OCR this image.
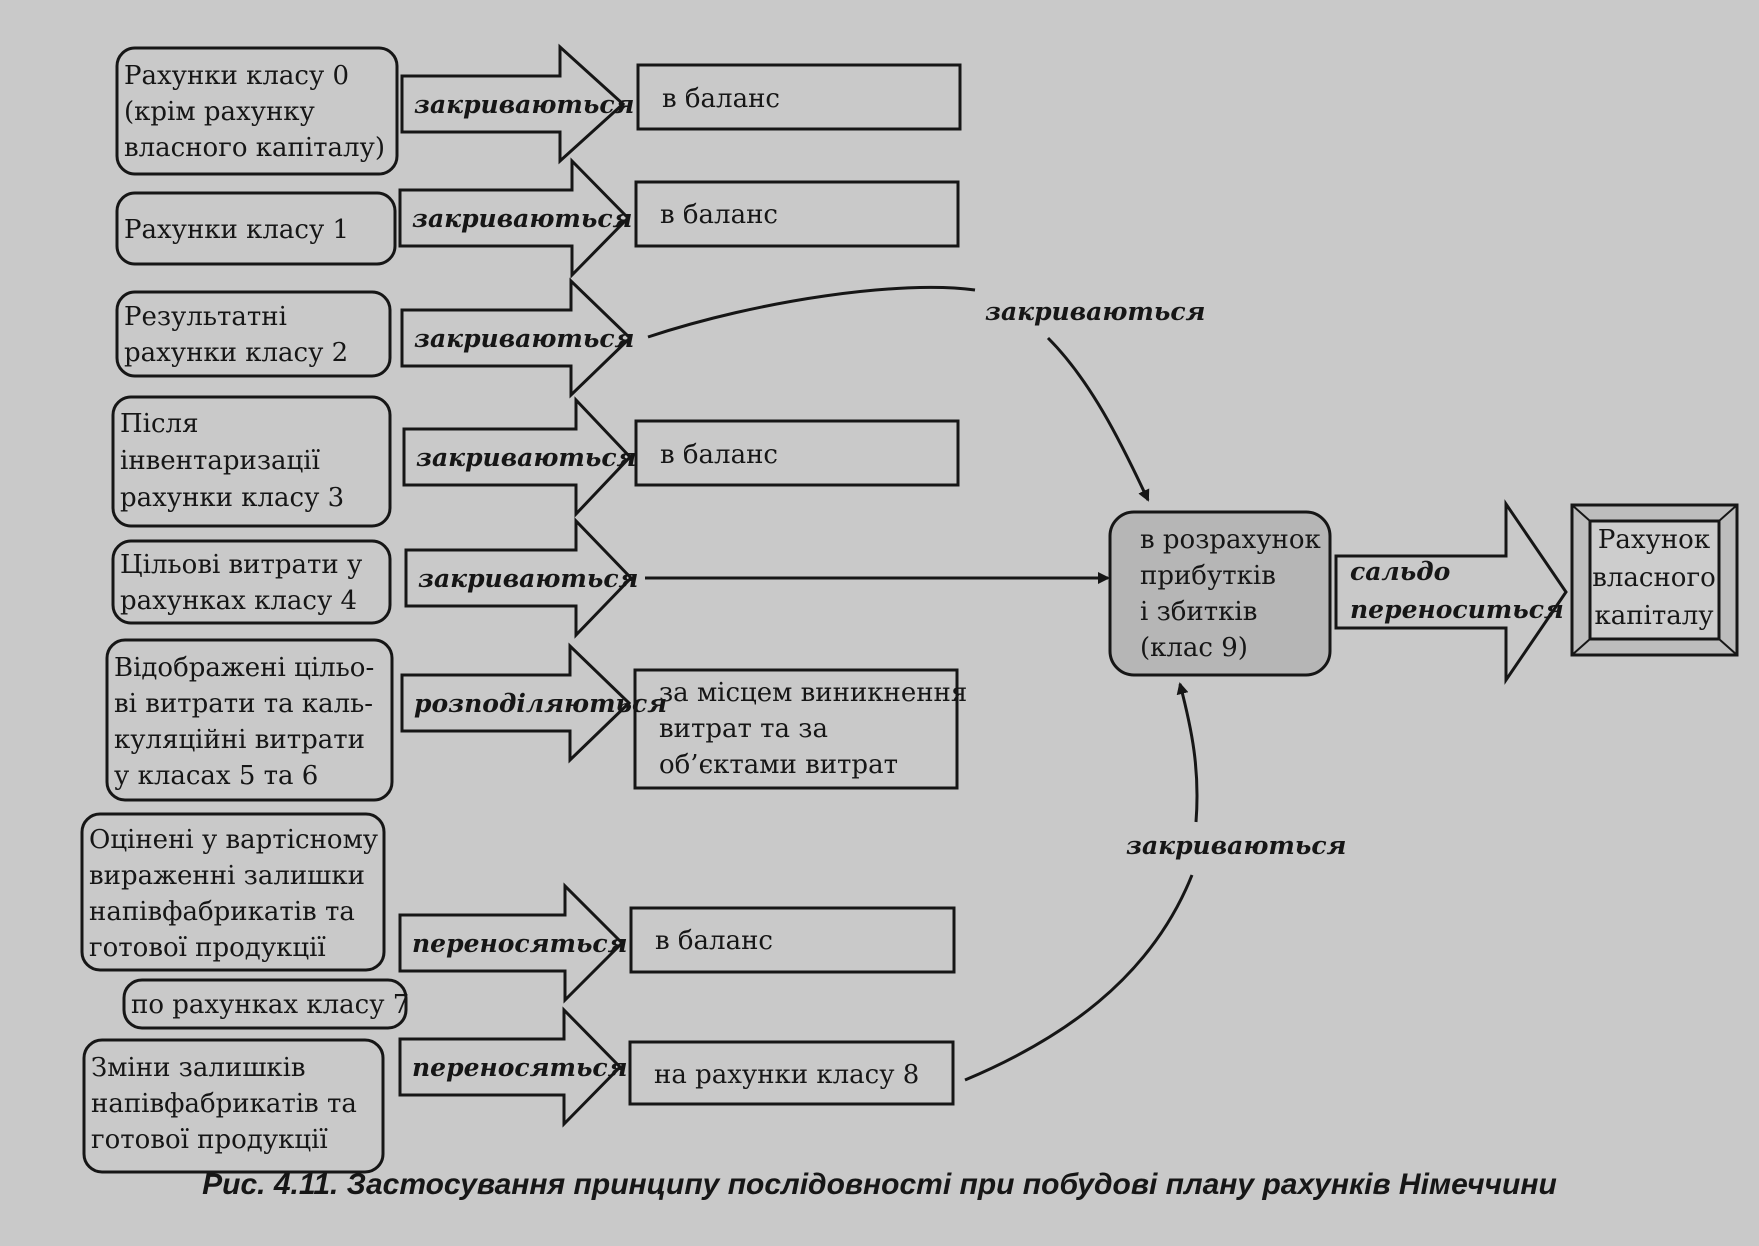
Рахунки класу 0
(крім рахунку
власного капіталу)
Рахунки класу 1
Результатні
рахунки класу 2
Після
інвентаризації
рахунки класу 3
Цільові витрати у
рахунках класу 4
Відображені цільо-
ві витрати та каль-
куляційні витрати
у класах 5 та 6
Оцінені у вартісному
вираженні залишки
напівфабрикатів та
готової продукції
по рахунках класу 7
Зміни залишків
напівфабрикатів та
готової продукції
закриваються
закриваються
закриваються
закриваються
закриваються
розподіляються
переносяться
переносяться
в баланс
в баланс
в баланс
за місцем виникнення
витрат та за
об’єктами витрат
в баланс
на рахунки класу 8
закриваються
закриваються
в розрахунок
прибутків
і збитків
(клас 9)
сальдо
переноситься
Рахунок
власного
капіталу
Рис. 4.11. Застосування принципу послідовності при побудові плану рахунків Німеччини
